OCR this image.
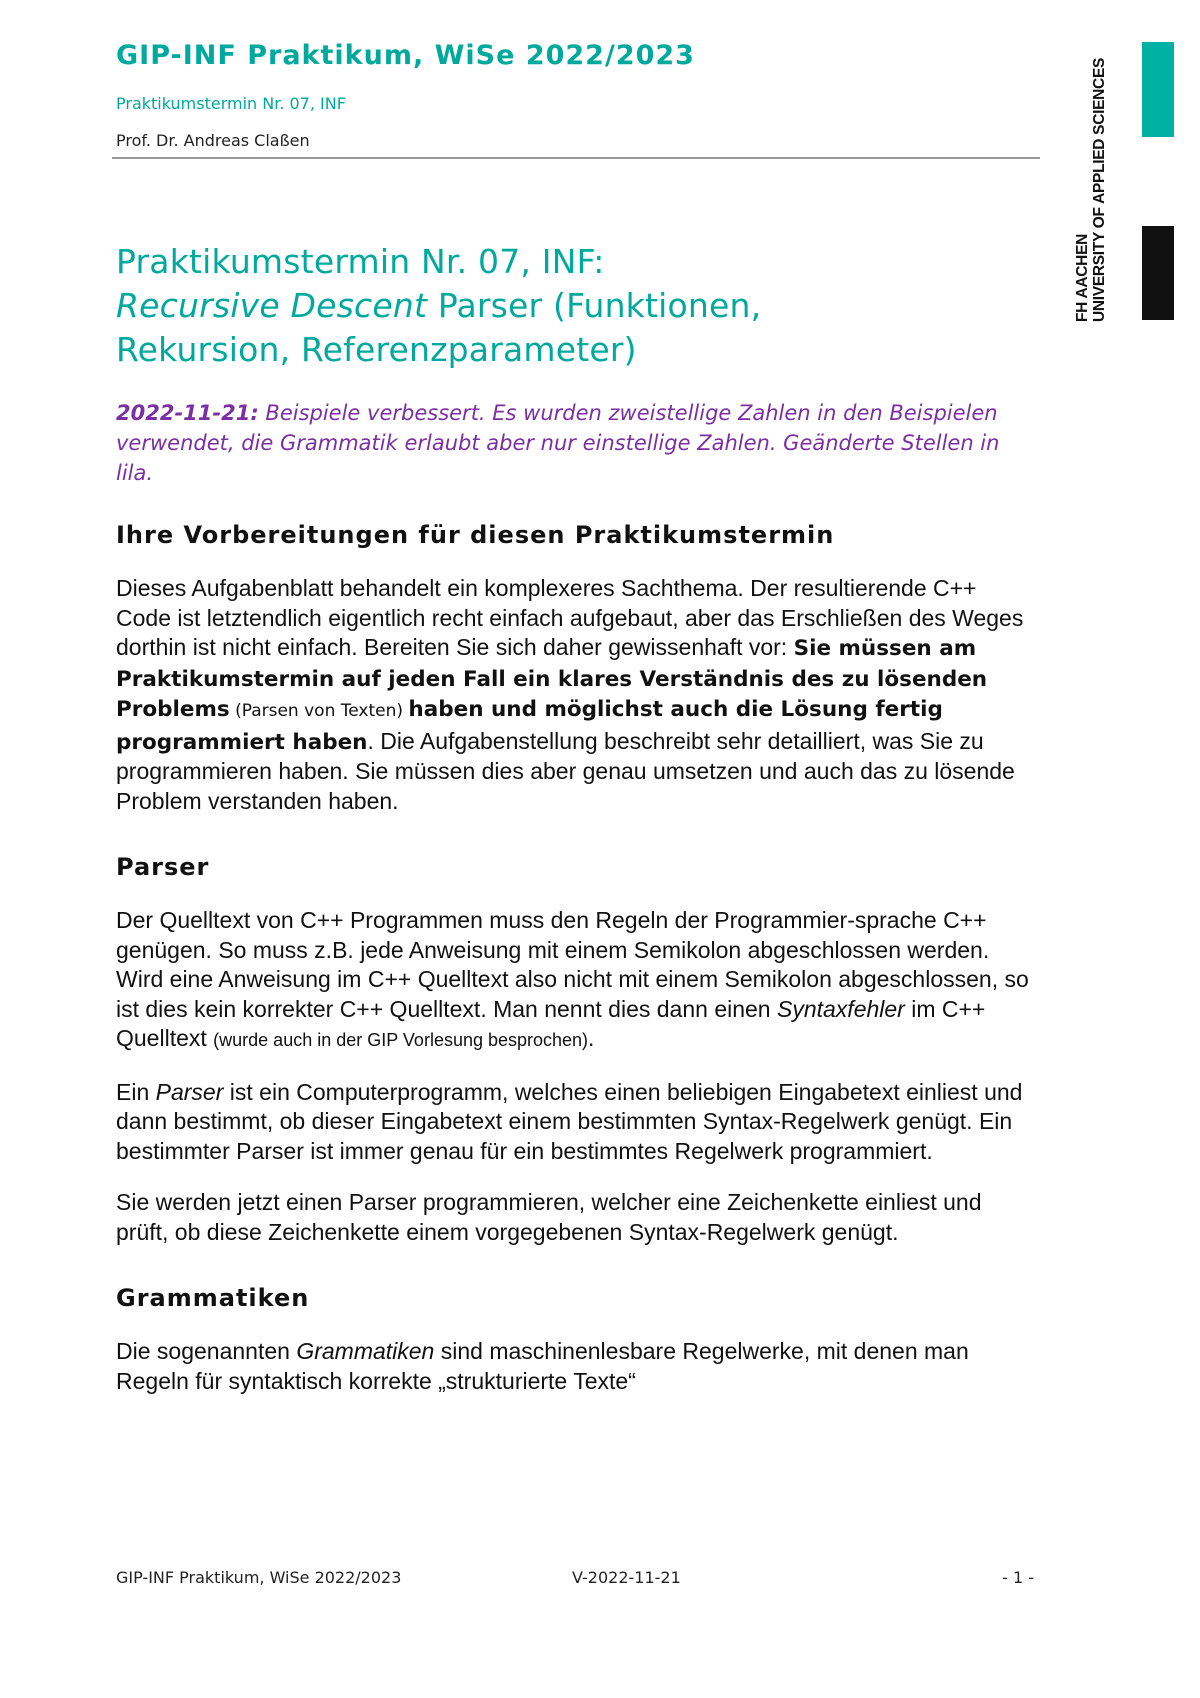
GIP-INF Praktikum, WiSe 2022/2023

Praktikumstermin Nr. 07, INF

Prof. Dr. Andreas Claßen

FH AACHEN UNIVERSITY OF APPLIED SCIENCES
Praktikumstermin Nr. 07, INF:
Recursive Descent Parser (Funktionen,
Rekursion, Referenzparameter)

2022-11-21: Beispiele verbessert. Es wurden zweistellige Zahlen in den Beispielen verwendet, die Grammatik erlaubt aber nur einstellige Zahlen. Geänderte Stellen in lila.

Ihre Vorbereitungen für diesen Praktikumstermin

Dieses Aufgabenblatt behandelt ein komplexeres Sachthema. Der resultierende C++ Code ist letztendlich eigentlich recht einfach aufgebaut, aber das Erschließen des Weges dorthin ist nicht einfach. Bereiten Sie sich daher gewissenhaft vor: Sie müssen am Praktikumstermin auf jeden Fall ein klares Verständnis des zu lösenden Problems (Parsen von Texten) haben und möglichst auch die Lösung fertig programmiert haben. Die Aufgabenstellung beschreibt sehr detailliert, was Sie zu programmieren haben. Sie müssen dies aber genau umsetzen und auch das zu lösende Problem verstanden haben.

Parser

Der Quelltext von C++ Programmen muss den Regeln der Programmier-sprache C++ genügen. So muss z.B. jede Anweisung mit einem Semikolon abgeschlossen werden. Wird eine Anweisung im C++ Quelltext also nicht mit einem Semikolon abgeschlossen, so ist dies kein korrekter C++ Quelltext. Man nennt dies dann einen Syntaxfehler im C++ Quelltext (wurde auch in der GIP Vorlesung besprochen).

Ein Parser ist ein Computerprogramm, welches einen beliebigen Eingabetext einliest und dann bestimmt, ob dieser Eingabetext einem bestimmten Syntax-Regelwerk genügt. Ein bestimmter Parser ist immer genau für ein bestimmtes Regelwerk programmiert.

Sie werden jetzt einen Parser programmieren, welcher eine Zeichenkette einliest und prüft, ob diese Zeichenkette einem vorgegebenen Syntax-Regelwerk genügt.

Grammatiken

Die sogenannten Grammatiken sind maschinenlesbare Regelwerke, mit denen man Regeln für syntaktisch korrekte „strukturierte Texte“

GIP-INF Praktikum, WiSe 2022/2023	V-2022-11-21	- 1 -
